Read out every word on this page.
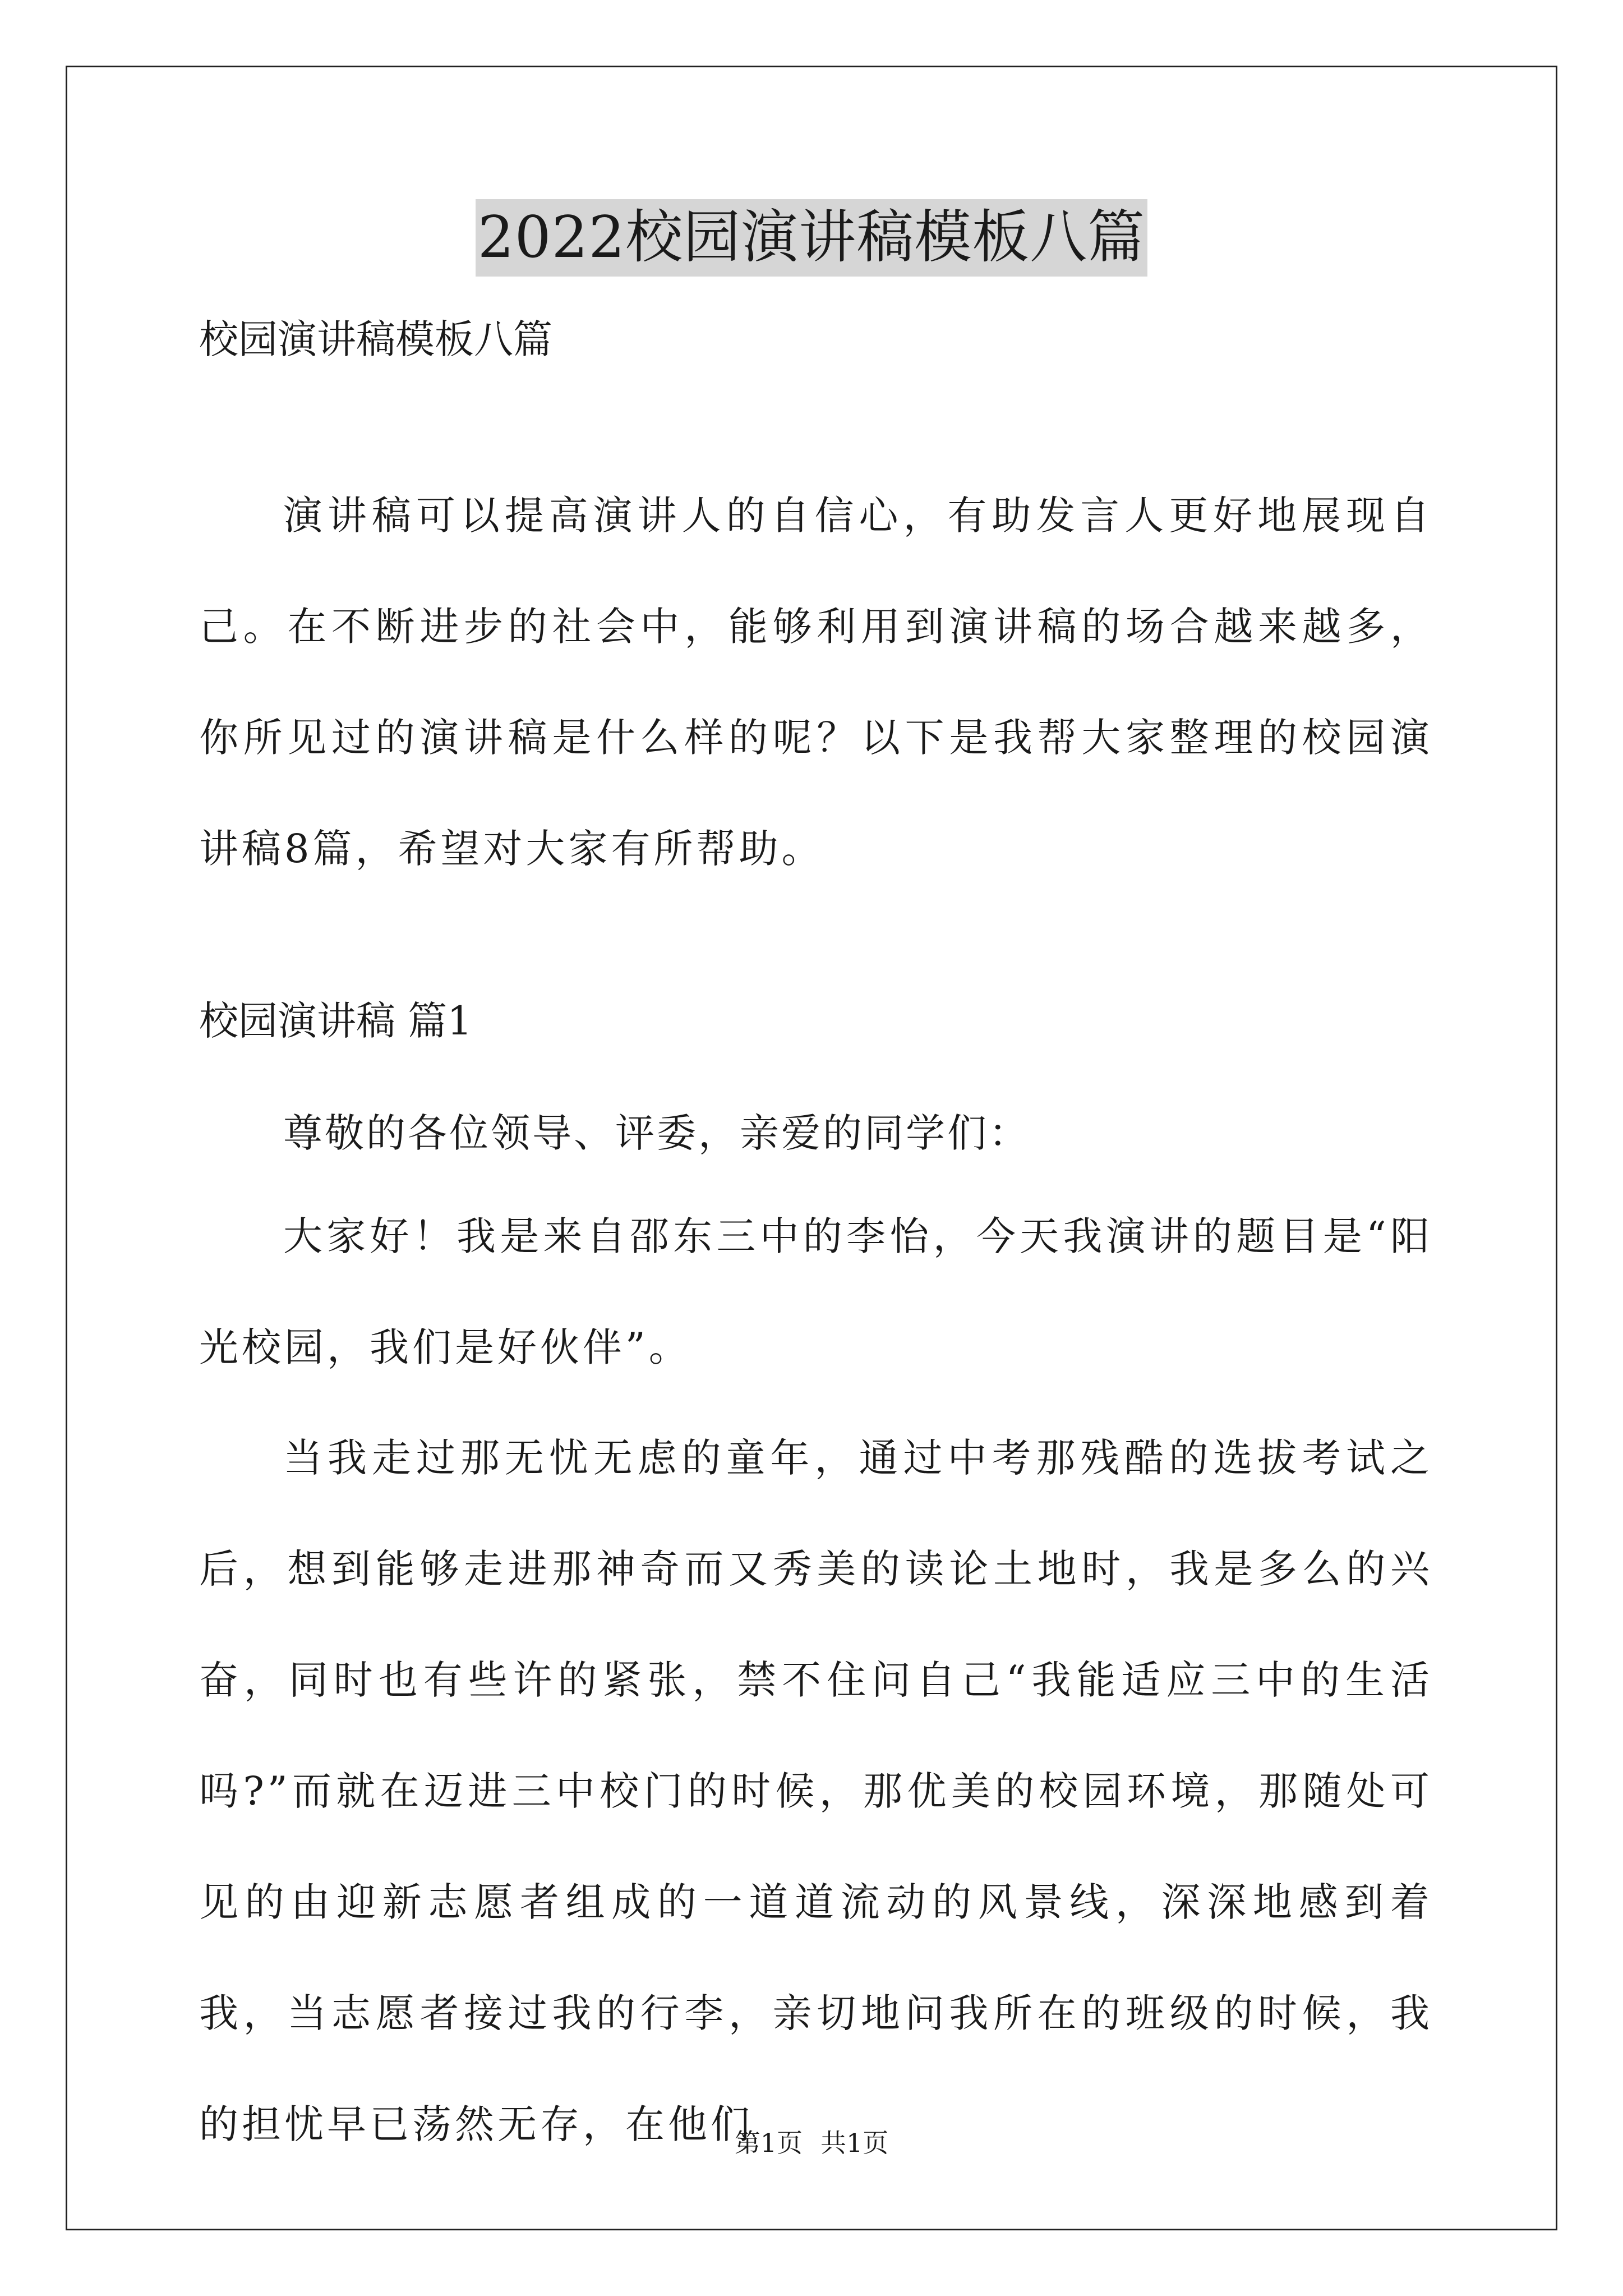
2022校园演讲稿模板八篇
校园演讲稿模板八篇
演讲稿可以提高演讲人的自信心，有助发言人更好地展现自己。在不断进步的社会中，能够利用到演讲稿的场合越来越多，你所见过的演讲稿是什么样的呢？以下是我帮大家整理的校园演讲稿8篇，希望对大家有所帮助。
校园演讲稿 篇1
尊敬的各位领导、评委，亲爱的同学们：
大家好！我是来自邵东三中的李怡，今天我演讲的题目是“阳光校园，我们是好伙伴”。
当我走过那无忧无虑的童年，通过中考那残酷的选拔考试之后，想到能够走进那神奇而又秀美的读论土地时，我是多么的兴奋，同时也有些许的紧张，禁不住问自己“我能适应三中的生活吗?”而就在迈进三中校门的时候，那优美的校园环境，那随处可见的由迎新志愿者组成的一道道流动的风景线，深深地感到着我，当志愿者接过我的行李，亲切地问我所在的班级的时候，我的担忧早已荡然无存，在他们
第1页 共1页
